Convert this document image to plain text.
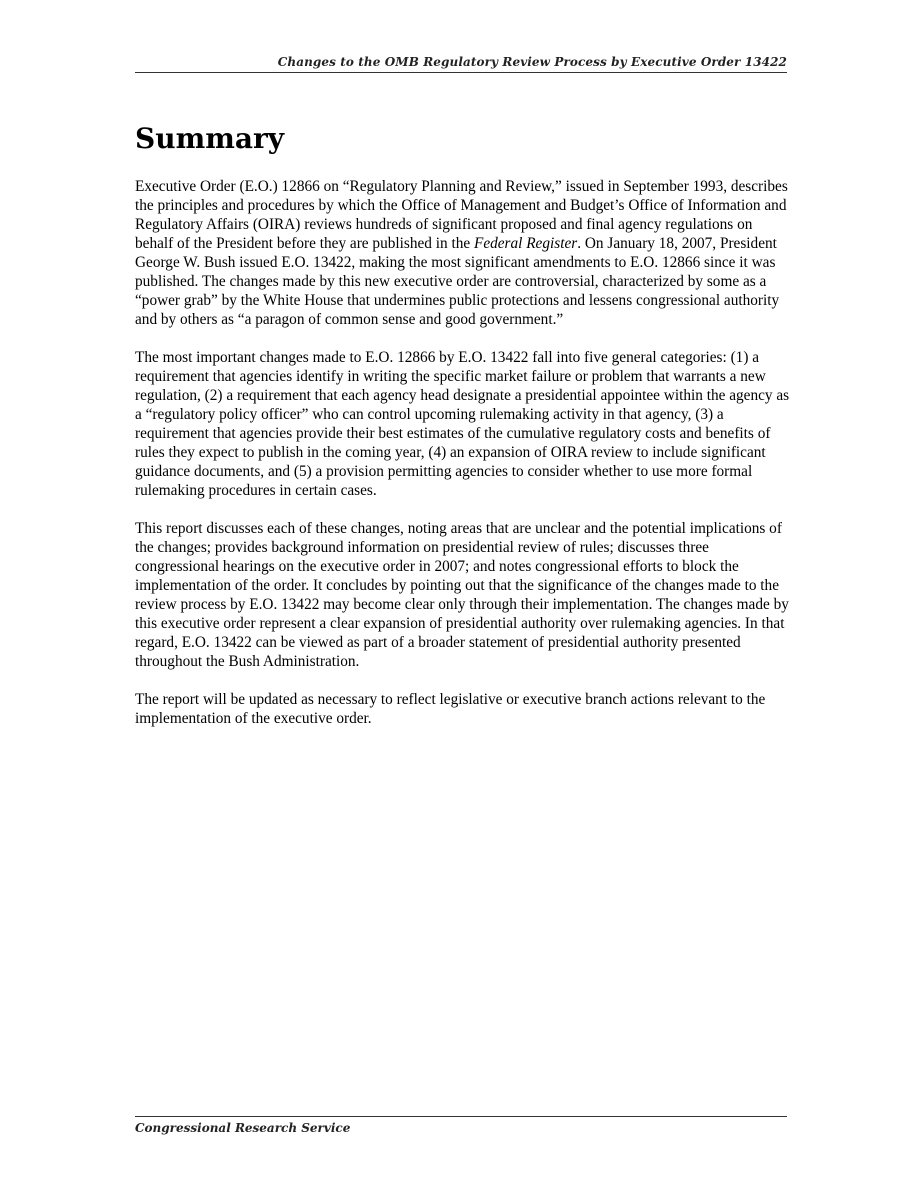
Changes to the OMB Regulatory Review Process by Executive Order 13422
Summary

Executive Order (E.O.) 12866 on “Regulatory Planning and Review,” issued in September 1993, describes the principles and procedures by which the Office of Management and Budget’s Office of Information and Regulatory Affairs (OIRA) reviews hundreds of significant proposed and final agency regulations on behalf of the President before they are published in the Federal Register. On January 18, 2007, President George W. Bush issued E.O. 13422, making the most significant amendments to E.O. 12866 since it was published. The changes made by this new executive order are controversial, characterized by some as a “power grab” by the White House that undermines public protections and lessens congressional authority and by others as “a paragon of common sense and good government.”

The most important changes made to E.O. 12866 by E.O. 13422 fall into five general categories: (1) a requirement that agencies identify in writing the specific market failure or problem that warrants a new regulation, (2) a requirement that each agency head designate a presidential appointee within the agency as a “regulatory policy officer” who can control upcoming rulemaking activity in that agency, (3) a requirement that agencies provide their best estimates of the cumulative regulatory costs and benefits of rules they expect to publish in the coming year, (4) an expansion of OIRA review to include significant guidance documents, and (5) a provision permitting agencies to consider whether to use more formal rulemaking procedures in certain cases.

This report discusses each of these changes, noting areas that are unclear and the potential implications of the changes; provides background information on presidential review of rules; discusses three congressional hearings on the executive order in 2007; and notes congressional efforts to block the implementation of the order. It concludes by pointing out that the significance of the changes made to the review process by E.O. 13422 may become clear only through their implementation. The changes made by this executive order represent a clear expansion of presidential authority over rulemaking agencies. In that regard, E.O. 13422 can be viewed as part of a broader statement of presidential authority presented throughout the Bush Administration.

The report will be updated as necessary to reflect legislative or executive branch actions relevant to the implementation of the executive order.

Congressional Research Service
